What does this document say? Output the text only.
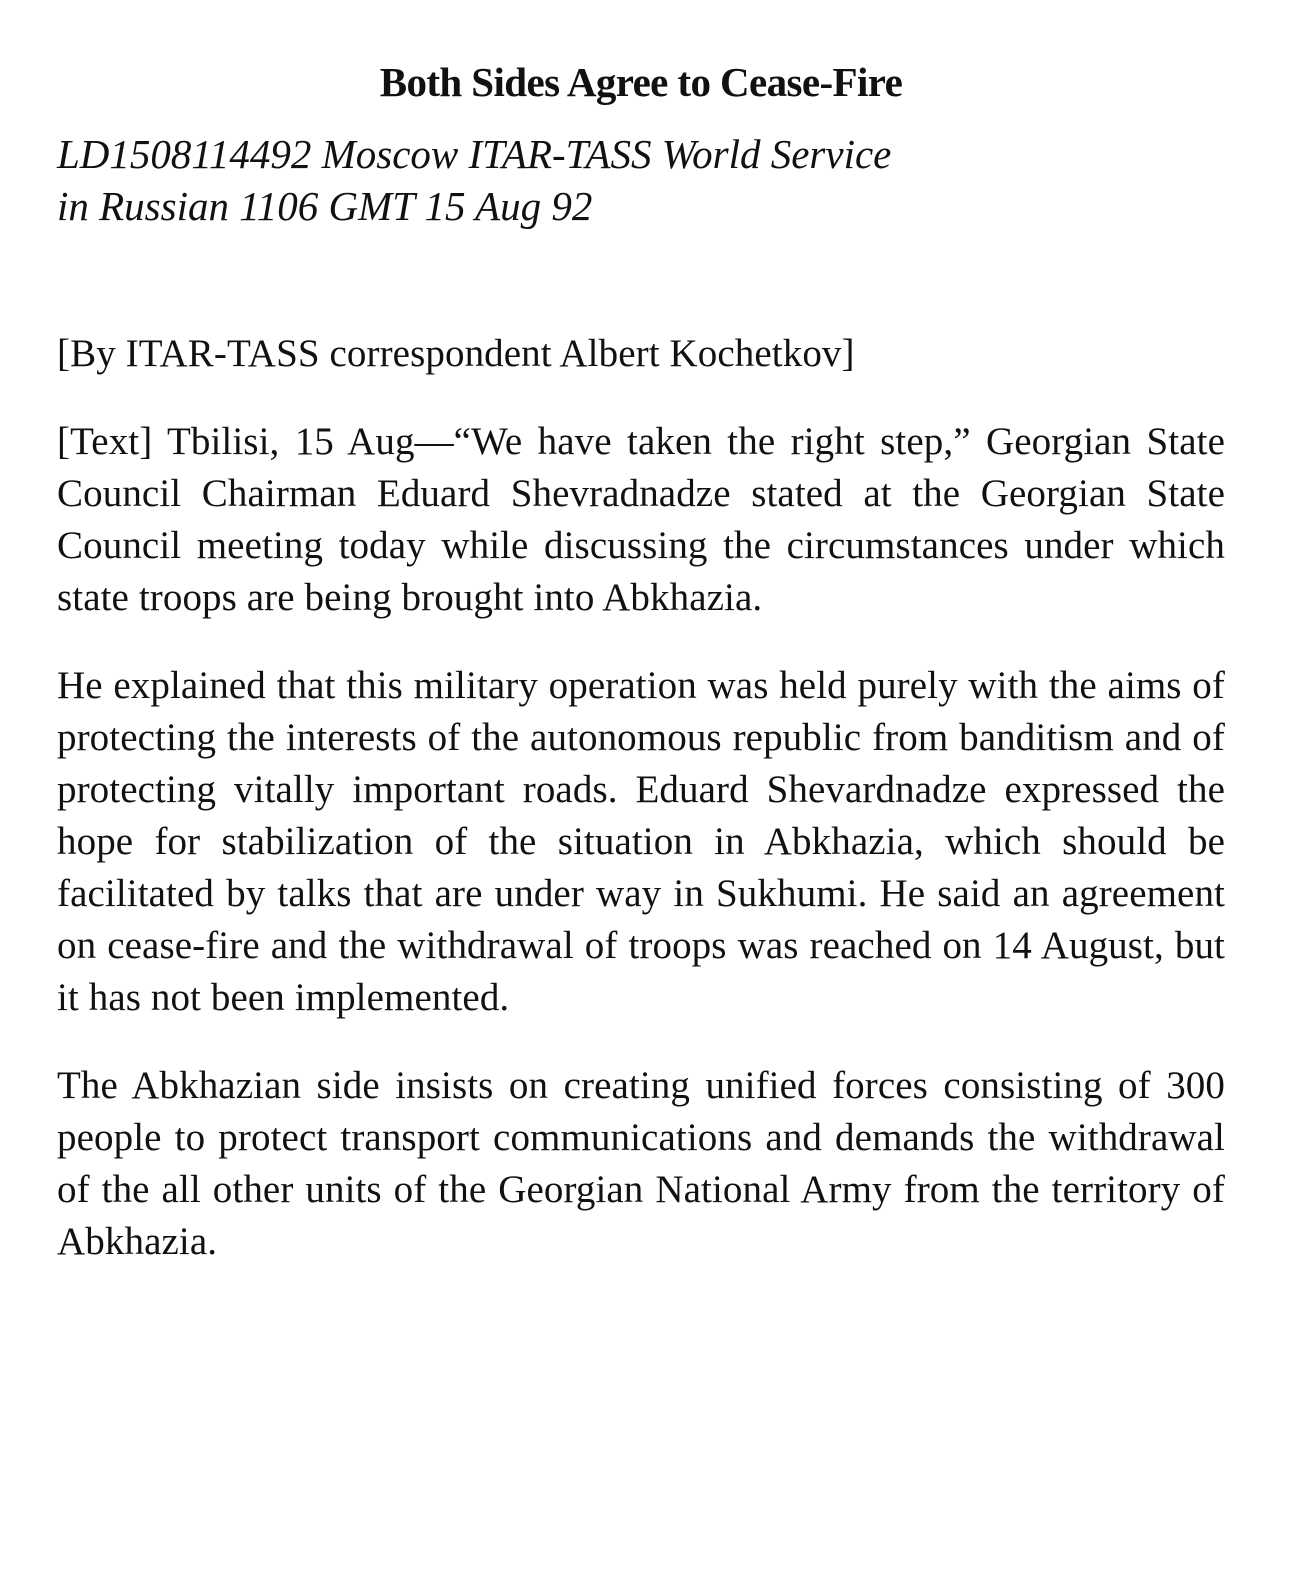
Both Sides Agree to Cease-Fire
LD1508114492 Moscow ITAR-TASS World Service
in Russian 1106 GMT 15 Aug 92

[By ITAR-TASS correspondent Albert Kochetkov]

[Text] Tbilisi, 15 Aug—“We have taken the right step,” Georgian State Council Chairman Eduard Shevradnadze stated at the Georgian State Council meeting today while discussing the circumstances under which state troops are being brought into Abkhazia.

He explained that this military operation was held purely with the aims of protecting the interests of the autonomous republic from banditism and of protecting vitally important roads. Eduard Shevardnadze expressed the hope for stabilization of the situation in Abkhazia, which should be facilitated by talks that are under way in Sukhumi. He said an agreement on cease-fire and the withdrawal of troops was reached on 14 August, but it has not been implemented.

The Abkhazian side insists on creating unified forces consisting of 300 people to protect transport communications and demands the withdrawal of the all other units of the Georgian National Army from the territory of Abkhazia.
